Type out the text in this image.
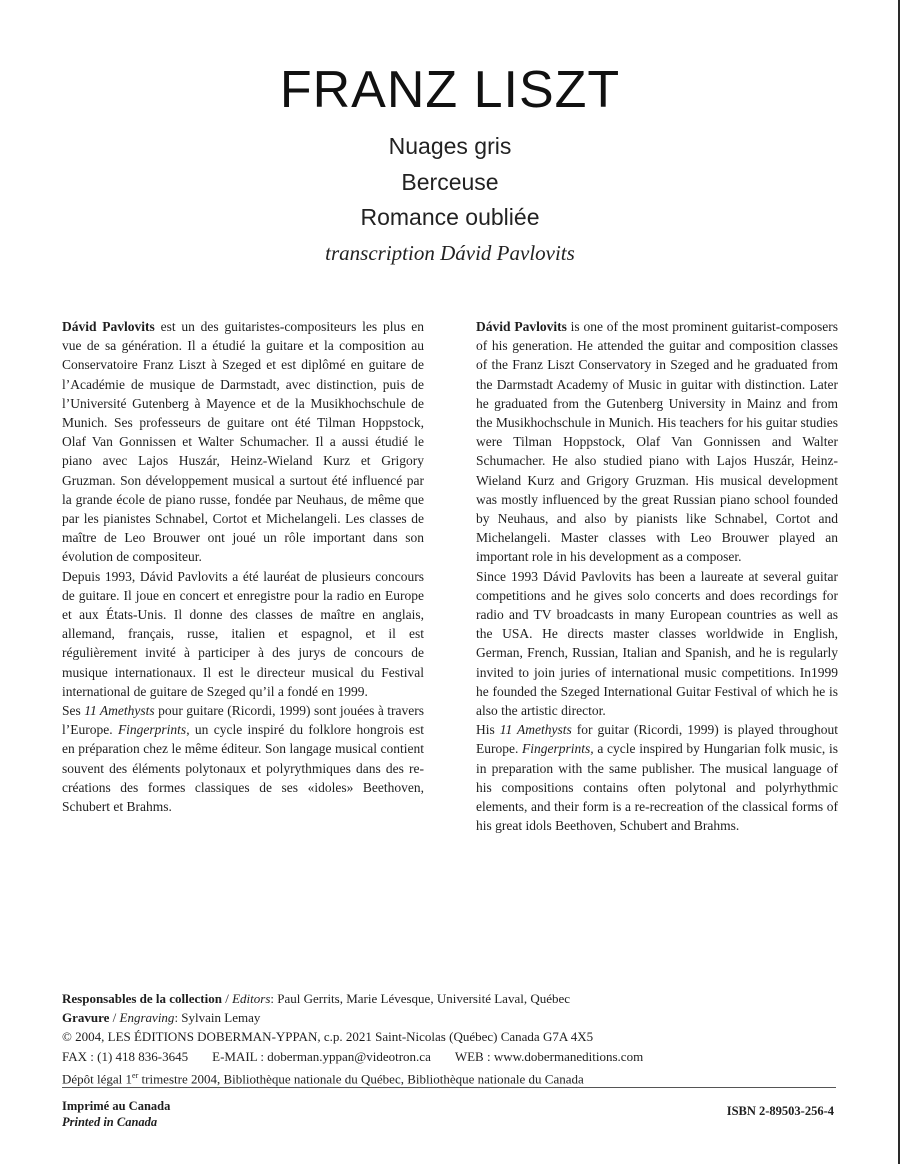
FRANZ LISZT
Nuages gris
Berceuse
Romance oubliée
transcription Dávid Pavlovits

Dávid Pavlovits est un des guitaristes-compositeurs les plus en vue de sa génération. Il a étudié la guitare et la composition au Conservatoire Franz Liszt à Szeged et est diplômé en guitare de l’Académie de musique de Darmstadt, avec distinction, puis de l’Université Gutenberg à Mayence et de la Musikhochschule de Munich. Ses professeurs de guitare ont été Tilman Hoppstock, Olaf Van Gonnissen et Walter Schumacher. Il a aussi étudié le piano avec Lajos Huszár, Heinz-Wieland Kurz et Grigory Gruzman. Son développement musical a surtout été influencé par la grande école de piano russe, fondée par Neuhaus, de même que par les pianistes Schnabel, Cortot et Michelangeli. Les classes de maître de Leo Brouwer ont joué un rôle important dans son évolution de compositeur.

Depuis 1993, Dávid Pavlovits a été lauréat de plusieurs concours de guitare. Il joue en concert et enregistre pour la radio en Europe et aux États-Unis. Il donne des classes de maître en anglais, allemand, français, russe, italien et espagnol, et il est régulièrement invité à participer à des jurys de concours de musique internationaux. Il est le directeur musical du Festival international de guitare de Szeged qu’il a fondé en 1999.

Ses 11 Amethysts pour guitare (Ricordi, 1999) sont jouées à travers l’Europe. Fingerprints, un cycle inspiré du folklore hongrois est en préparation chez le même éditeur. Son langage musical contient souvent des éléments polytonaux et polyrythmiques dans des re-créations des formes classiques de ses «idoles» Beethoven, Schubert et Brahms.

Dávid Pavlovits is one of the most prominent guitarist-composers of his generation. He attended the guitar and composition classes of the Franz Liszt Conservatory in Szeged and he graduated from the Darmstadt Academy of Music in guitar with distinction. Later he graduated from the Gutenberg University in Mainz and from the Musikhochschule in Munich. His teachers for his guitar studies were Tilman Hoppstock, Olaf Van Gonnissen and Walter Schumacher. He also studied piano with Lajos Huszár, Heinz-Wieland Kurz and Grigory Gruzman. His musical development was mostly influenced by the great Russian piano school founded by Neuhaus, and also by pianists like Schnabel, Cortot and Michelangeli. Master classes with Leo Brouwer played an important role in his development as a composer.

Since 1993 Dávid Pavlovits has been a laureate at several guitar competitions and he gives solo concerts and does recordings for radio and TV broadcasts in many European countries as well as the USA. He directs master classes worldwide in English, German, French, Russian, Italian and Spanish, and he is regularly invited to join juries of international music competitions. In1999 he founded the Szeged International Guitar Festival of which he is also the artistic director.

His 11 Amethysts for guitar (Ricordi, 1999) is played throughout Europe. Fingerprints, a cycle inspired by Hungarian folk music, is in preparation with the same publisher. The musical language of his compositions contains often polytonal and polyrhythmic elements, and their form is a re-recreation of the classical forms of his great idols Beethoven, Schubert and Brahms.

Responsables de la collection / Editors: Paul Gerrits, Marie Lévesque, Université Laval, Québec
Gravure / Engraving: Sylvain Lemay
© 2004, LES ÉDITIONS DOBERMAN-YPPAN, c.p. 2021 Saint-Nicolas (Québec) Canada G7A 4X5
FAX : (1) 418 836-3645 E-MAIL : doberman.yppan@videotron.ca WEB : www.dobermaneditions.com
Dépôt légal 1er trimestre 2004, Bibliothèque nationale du Québec, Bibliothèque nationale du Canada
Imprimé au Canada
Printed in Canada
ISBN 2-89503-256-4
